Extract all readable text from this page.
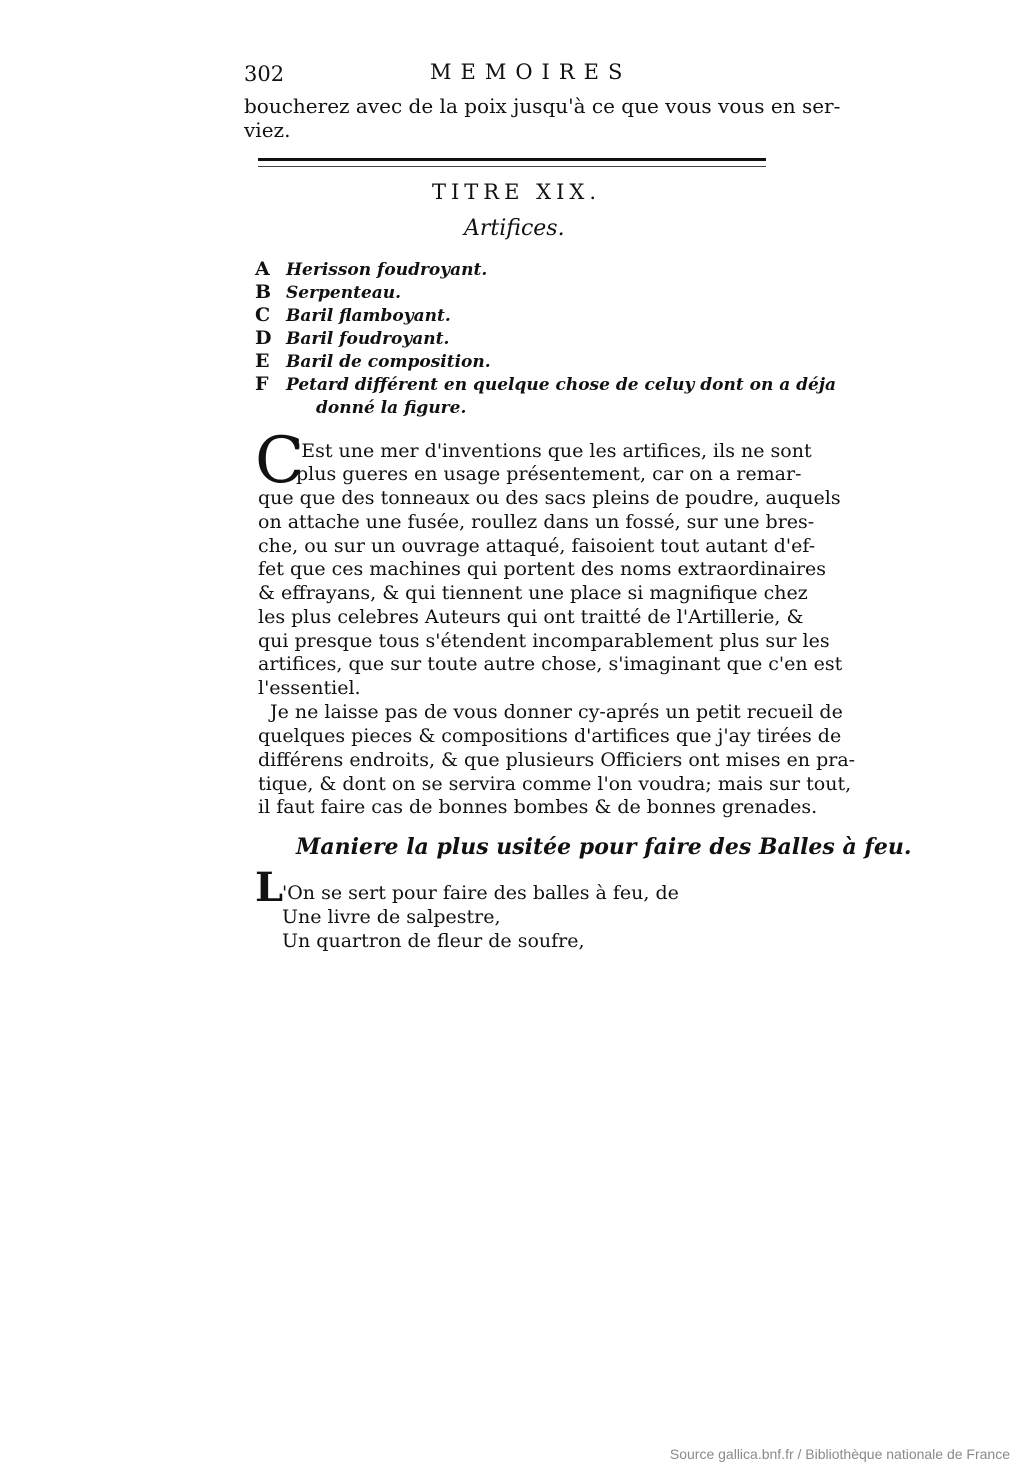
302	MEMOIRES
boucherez avec de la poix jusqu'à ce que vous vous en ser-
viez.
TITRE XIX.
Artifices.
A Herisson foudroyant.
B Serpenteau.
C Baril flamboyant.
D Baril foudroyant.
E Baril de composition.
F Petard différent en quelque chose de celuy dont on a déja
donné la figure.
C
'Est une mer d'inventions que les artifices, ils ne sont
plus gueres en usage présentement, car on a remar-
que que des tonneaux ou des sacs pleins de poudre, auquels
on attache une fusée, roullez dans un fossé, sur une bres-
che, ou sur un ouvrage attaqué, faisoient tout autant d'ef-
fet que ces machines qui portent des noms extraordinaires
& effrayans, & qui tiennent une place si magnifique chez
les plus celebres Auteurs qui ont traitté de l'Artillerie, &
qui presque tous s'étendent incomparablement plus sur les
artifices, que sur toute autre chose, s'imaginant que c'en est
l'essentiel.
Je ne laisse pas de vous donner cy-aprés un petit recueil de
quelques pieces & compositions d'artifices que j'ay tirées de
différens endroits, & que plusieurs Officiers ont mises en pra-
tique, & dont on se servira comme l'on voudra; mais sur tout,
il faut faire cas de bonnes bombes & de bonnes grenades.
Maniere la plus usitée pour faire des Balles à feu.
L
'On se sert pour faire des balles à feu, de
Une livre de salpestre,
Un quartron de fleur de soufre,
Source gallica.bnf.fr / Bibliothèque nationale de France
